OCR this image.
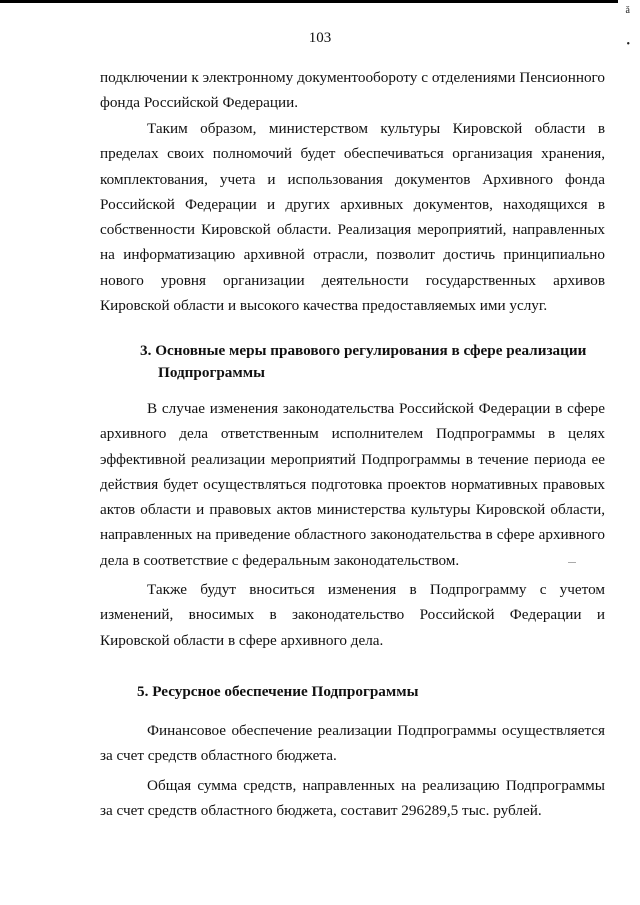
ǎ
•
103

подключении к электронному документообороту с отделениями Пенсионного фонда Российской Федерации.

Таким образом, министерством культуры Кировской области в пределах своих полномочий будет обеспечиваться организация хранения, комплектования, учета и использования документов Архивного фонда Российской Федерации и других архивных документов, находящихся в собственности Кировской области. Реализация мероприятий, направленных на информатизацию архивной отрасли, позволит достичь принципиально нового уровня организации деятельности государственных архивов Кировской области и высокого качества предоставляемых ими услуг.

3. Основные меры правового регулирования в сфере реализации
Подпрограммы

В случае изменения законодательства Российской Федерации в сфере архивного дела ответственным исполнителем Подпрограммы в целях эффективной реализации мероприятий Подпрограммы в течение периода ее действия будет осуществляться подготовка проектов нормативных правовых актов области и правовых актов министерства культуры Кировской области, направленных на приведение областного законодательства в сфере архивного дела в соответствие с федеральным законодательством.

Также будут вноситься изменения в Подпрограмму с учетом изменений, вносимых в законодательство Российской Федерации и Кировской области в сфере архивного дела.

5. Ресурсное обеспечение Подпрограммы

Финансовое обеспечение реализации Подпрограммы осуществляется за счет средств областного бюджета.

Общая сумма средств, направленных на реализацию Подпрограммы за счет средств областного бюджета, составит 296289,5 тыс. рублей.
